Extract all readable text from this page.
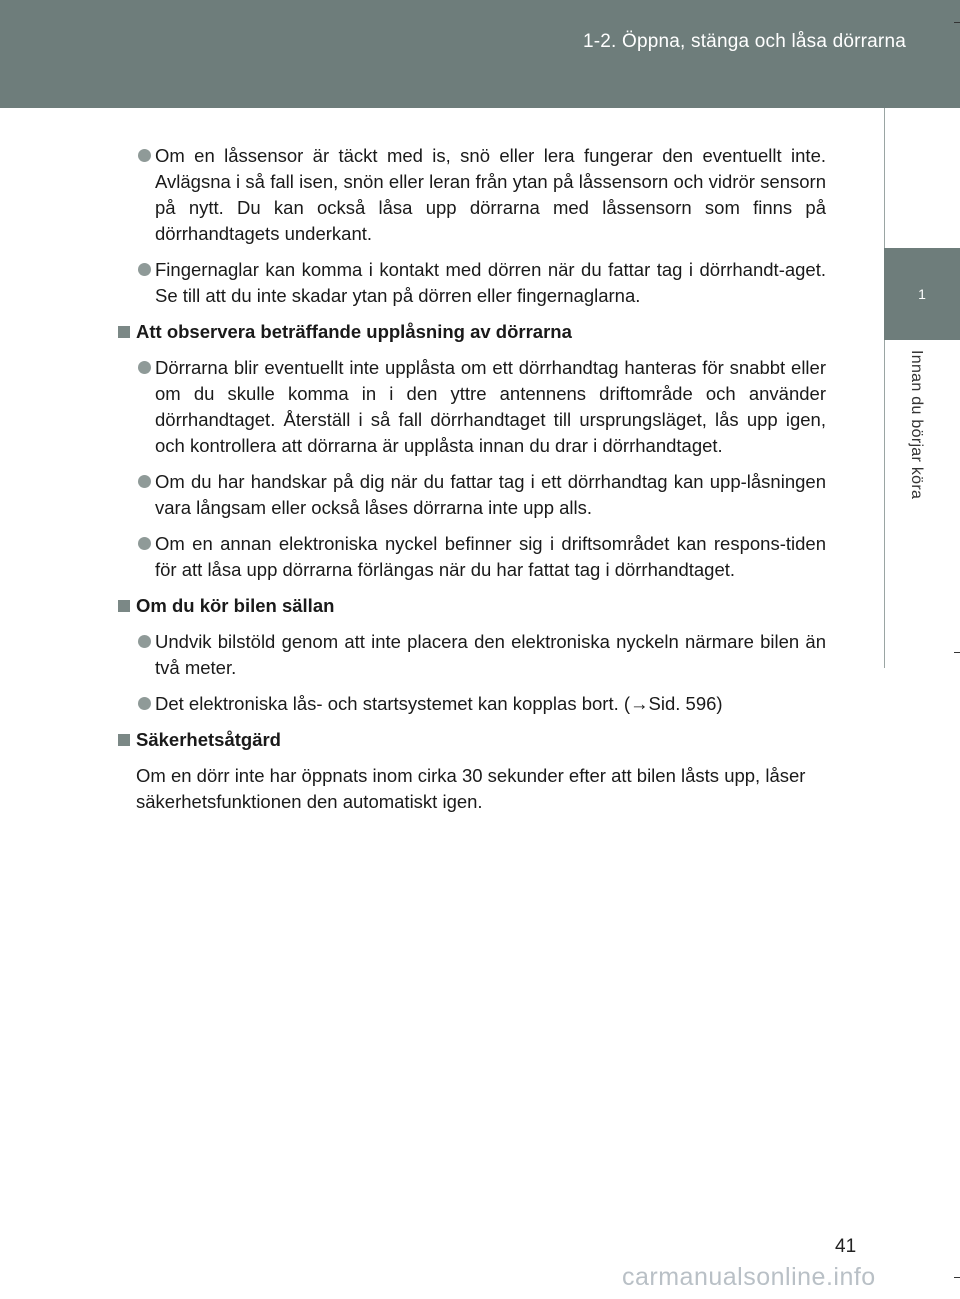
1-2. Öppna, stänga och låsa dörrarna
1
Innan du börjar köra
Om en låssensor är täckt med is, snö eller lera fungerar den eventuellt inte. Avlägsna i så fall isen, snön eller leran från ytan på låssensorn och vidrör sensorn på nytt. Du kan också låsa upp dörrarna med låssensorn som finns på dörrhandtagets underkant.
Fingernaglar kan komma i kontakt med dörren när du fattar tag i dörrhandt-aget. Se till att du inte skadar ytan på dörren eller fingernaglarna.
Att observera beträffande upplåsning av dörrarna
Dörrarna blir eventuellt inte upplåsta om ett dörrhandtag hanteras för snabbt eller om du skulle komma in i den yttre antennens driftområde och använder dörrhandtaget. Återställ i så fall dörrhandtaget till ursprungsläget, lås upp igen, och kontrollera att dörrarna är upplåsta innan du drar i dörrhandtaget.
Om du har handskar på dig när du fattar tag i ett dörrhandtag kan upp-låsningen vara långsam eller också låses dörrarna inte upp alls.
Om en annan elektroniska nyckel befinner sig i driftsområdet kan respons-tiden för att låsa upp dörrarna förlängas när du har fattat tag i dörrhandtaget.
Om du kör bilen sällan
Undvik bilstöld genom att inte placera den elektroniska nyckeln närmare bilen än två meter.
Det elektroniska lås- och startsystemet kan kopplas bort. (→Sid. 596)
Säkerhetsåtgärd
Om en dörr inte har öppnats inom cirka 30 sekunder efter att bilen låsts upp, låser säkerhetsfunktionen den automatiskt igen.
41
carmanualsonline.info
